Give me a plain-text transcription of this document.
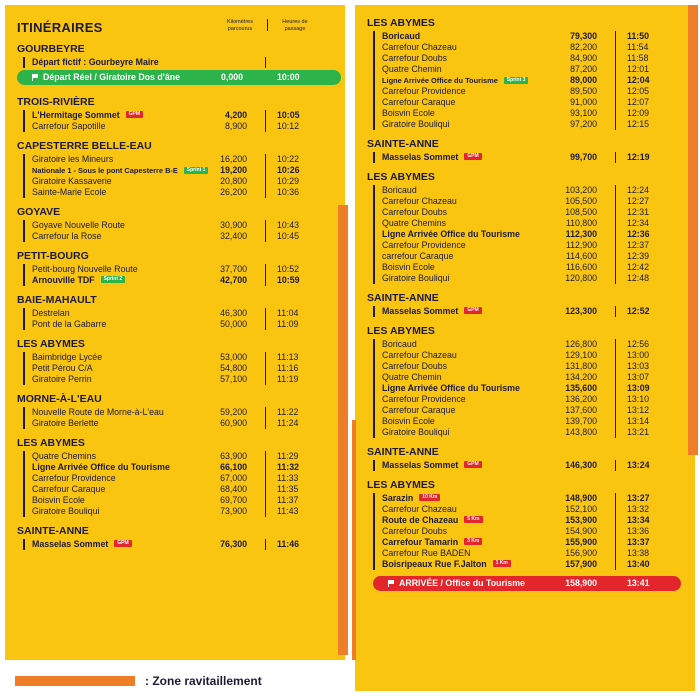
ITINÉRAIRES	Kilomètres parcourus
Heures de passage
GOURBEYRE
Départ fictif : Gourbeyre Maire
Départ Réel / Giratoire Dos d'âne	0,000	10:00
TROIS-RIVIÈRE
L'Hermitage Sommet GPM	4,200	10:05
Carrefour Sapotille	8,900	10:12
CAPESTERRE BELLE-EAU
Giratoire les Mineurs	16,200	10:22
Nationale 1 - Sous le pont Capesterre B-E Sprint 1	19,200	10:26
Giratoire Kassaverie	20,800	10:29
Sainte-Marie Ecole	26,200	10:36
GOYAVE
Goyave Nouvelle Route	30,900	10:43
Carrefour la Rose	32,400	10:45
PETIT-BOURG
Petit-bourg Nouvelle Route	37,700	10:52
Arnouville TDF Sprint 2	42,700	10:59
BAIE-MAHAULT
Destrelan	46,300	11:04
Pont de la Gabarre	50,000	11:09
LES ABYMES
Baimbridge Lycée	53,000	11:13
Petit Pérou C/A	54,800	11:16
Giratoire Perrin	57,100	11:19
MORNE-À-L'EAU
Nouvelle Route de Morne-à-L'eau	59,200	11:22
Giratoire Berlette	60,900	11:24
LES ABYMES
Quatre Chemins	63,900	11:29
Ligne Arrivée Office du Tourisme	66,100	11:32
Carrefour Providence	67,000	11:33
Carrefour Caraque	68,400	11:35
Boisvin Ecole	69,700	11:37
Giratoire Bouliqui	73,900	11:43
SAINTE-ANNE
Masselas Sommet GPM	76,300	11:46
LES ABYMES
Boricaud	79,300	11:50
Carrefour Chazeau	82,200	11:54
Carrefour Doubs	84,900	11:58
Quatre Chemin	87,200	12:01
Ligne Arrivée Office du Tourisme Sprint 3	89,000	12:04
Carrefour Providence	89,500	12:05
Carrefour Caraque	91,000	12:07
Boisvin Ecole	93,100	12:09
Giratoire Bouliqui	97,200	12:15
SAINTE-ANNE
Masselas Sommet GPM	99,700	12:19
LES ABYMES
Boricaud	103,200	12:24
Carrefour Chazeau	105,500	12:27
Carrefour Doubs	108,500	12:31
Quatre Chemins	110,800	12:34
Ligne Arrivée Office du Tourisme	112,300	12:36
Carrefour Providence	112,900	12:37
carrefour Caraque	114,600	12:39
Boisvin Ecole	116,600	12:42
Giratoire Bouliqui	120,800	12:48
SAINTE-ANNE
Masselas Sommet GPM	123,300	12:52
LES ABYMES
Boricaud	126,800	12:56
Carrefour Chazeau	129,100	13:00
Carrefour Doubs	131,800	13:03
Quatre Chemin	134,200	13:07
Ligne Arrivée Office du Tourisme	135,600	13:09
Carrefour Providence	136,200	13:10
Carrefour Caraque	137,600	13:12
Boisvin Ecole	139,700	13:14
Giratoire Bouliqui	143,800	13:21
SAINTE-ANNE
Masselas Sommet GPM	146,300	13:24
LES ABYMES
Sarazin 10 Km	148,900	13:27
Carrefour Chazeau	152,100	13:32
Route de Chazeau 5 Km	153,900	13:34
Carrefour Doubs	154,900	13:36
Carrefour Tamarin 3 Km	155,900	13:37
Carrefour Rue BADEN	156,900	13:38
Boisripeaux Rue F.Jalton 1 Km	157,900	13:40
ARRIVÉE / Office du Tourisme	158,900	13:41
: Zone ravitaillement
